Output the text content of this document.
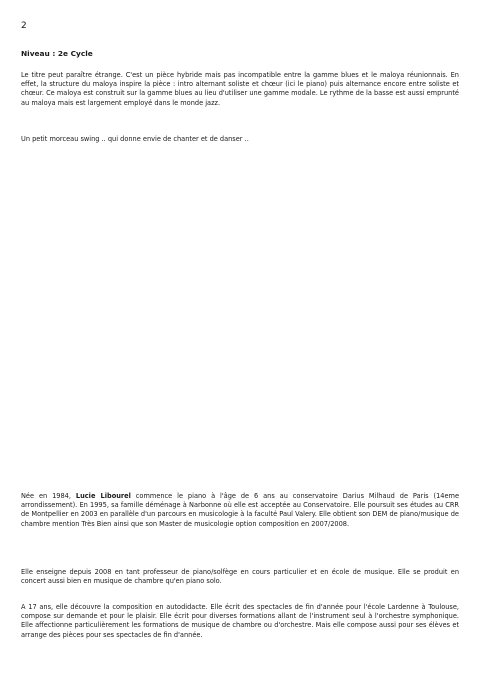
2
Niveau : 2e Cycle

Le titre peut paraître étrange. C'est un pièce hybride mais pas incompatible entre la gamme blues et le maloya réunionnais. En effet, la structure du maloya inspire la pièce : intro alternant soliste et chœur (ici le piano) puis alternance encore entre soliste et chœur. Ce maloya est construit sur la gamme blues au lieu d'utiliser une gamme modale. Le rythme de la basse est aussi emprunté au maloya mais est largement employé dans le monde jazz.

Un petit morceau swing .. qui donne envie de chanter et de danser ..

Née en 1984, Lucie Libourel commence le piano à l'âge de 6 ans au conservatoire Darius Milhaud de Paris (14eme arrondissement). En 1995, sa famille déménage à Narbonne où elle est acceptée au Conservatoire. Elle poursuit ses études au CRR de Montpellier en 2003 en parallèle d'un parcours en musicologie à la faculté Paul Valery. Elle obtient son DEM de piano/musique de chambre mention Très Bien ainsi que son Master de musicologie option composition en 2007/2008.

Elle enseigne depuis 2008 en tant professeur de piano/solfège en cours particulier et en école de musique. Elle se produit en concert aussi bien en musique de chambre qu'en piano solo.

A 17 ans, elle découvre la composition en autodidacte. Elle écrit des spectacles de fin d'année pour l'école Lardenne à Toulouse, compose sur demande et pour le plaisir. Elle écrit pour diverses formations allant de l'instrument seul à l'orchestre symphonique. Elle affectionne particulièrement les formations de musique de chambre ou d'orchestre. Mais elle compose aussi pour ses élèves et arrange des pièces pour ses spectacles de fin d'année.
